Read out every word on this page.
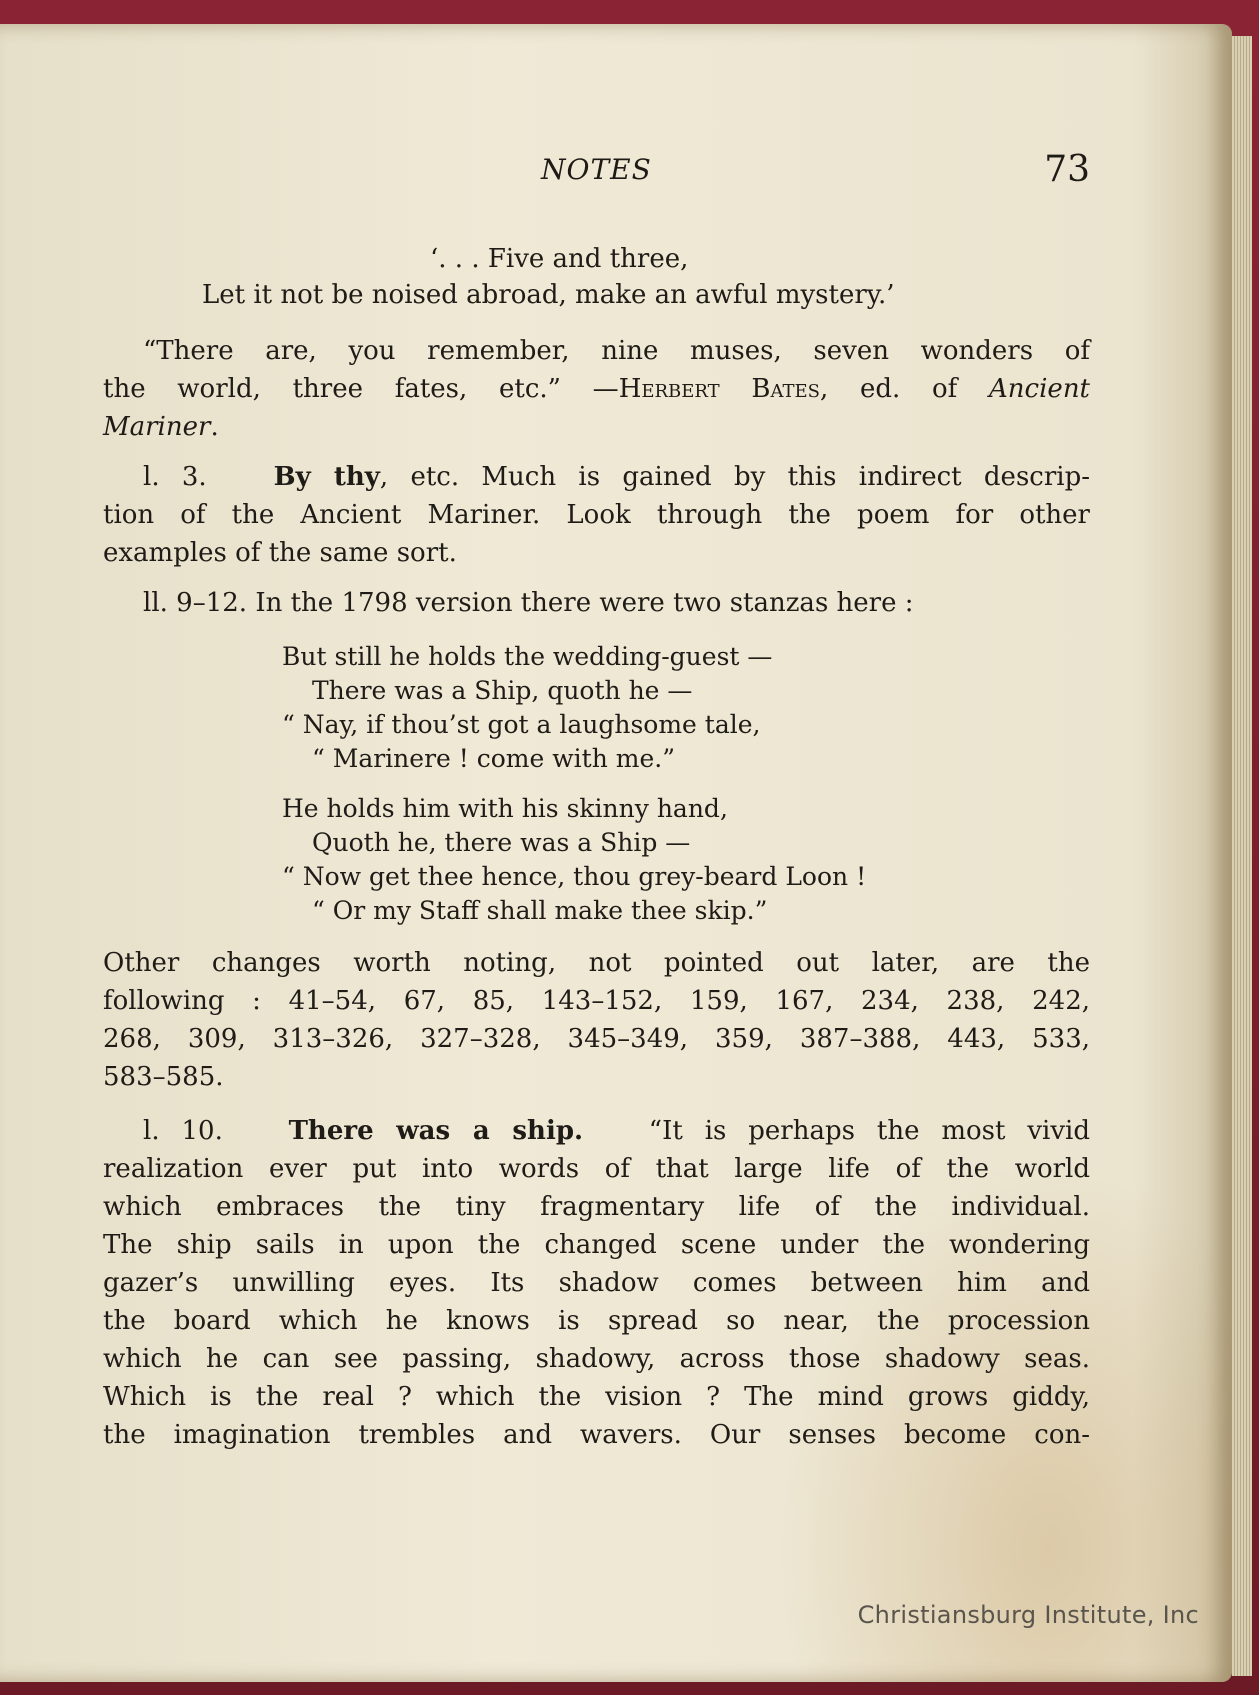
NOTES	73
‘. . . Five and three,
Let it not be noised abroad, make an awful mystery.’
“There are, you remember, nine muses, seven wonders of
the world, three fates, etc.” —Herbert Bates, ed. of Ancient
Mariner.
l. 3.	By thy, etc. Much is gained by this indirect descrip-
tion of the Ancient Mariner. Look through the poem for other
examples of the same sort.
ll. 9–12. In the 1798 version there were two stanzas here :
But still he holds the wedding-guest —
There was a Ship, quoth he —
“ Nay, if thou’st got a laughsome tale,
“ Marinere ! come with me.”
He holds him with his skinny hand,
Quoth he, there was a Ship —
“ Now get thee hence, thou grey-beard Loon !
“ Or my Staff shall make thee skip.”
Other changes worth noting, not pointed out later, are the
following : 41–54, 67, 85, 143–152, 159, 167, 234, 238, 242,
268, 309, 313–326, 327–328, 345–349, 359, 387–388, 443, 533,
583–585.
l. 10.	There was a ship.	“It is perhaps the most vivid
realization ever put into words of that large life of the world
which embraces the tiny fragmentary life of the individual.
The ship sails in upon the changed scene under the wondering
gazer’s unwilling eyes. Its shadow comes between him and
the board which he knows is spread so near, the procession
which he can see passing, shadowy, across those shadowy seas.
Which is the real ? which the vision ? The mind grows giddy,
the imagination trembles and wavers. Our senses become con-
Christiansburg Institute, Inc
